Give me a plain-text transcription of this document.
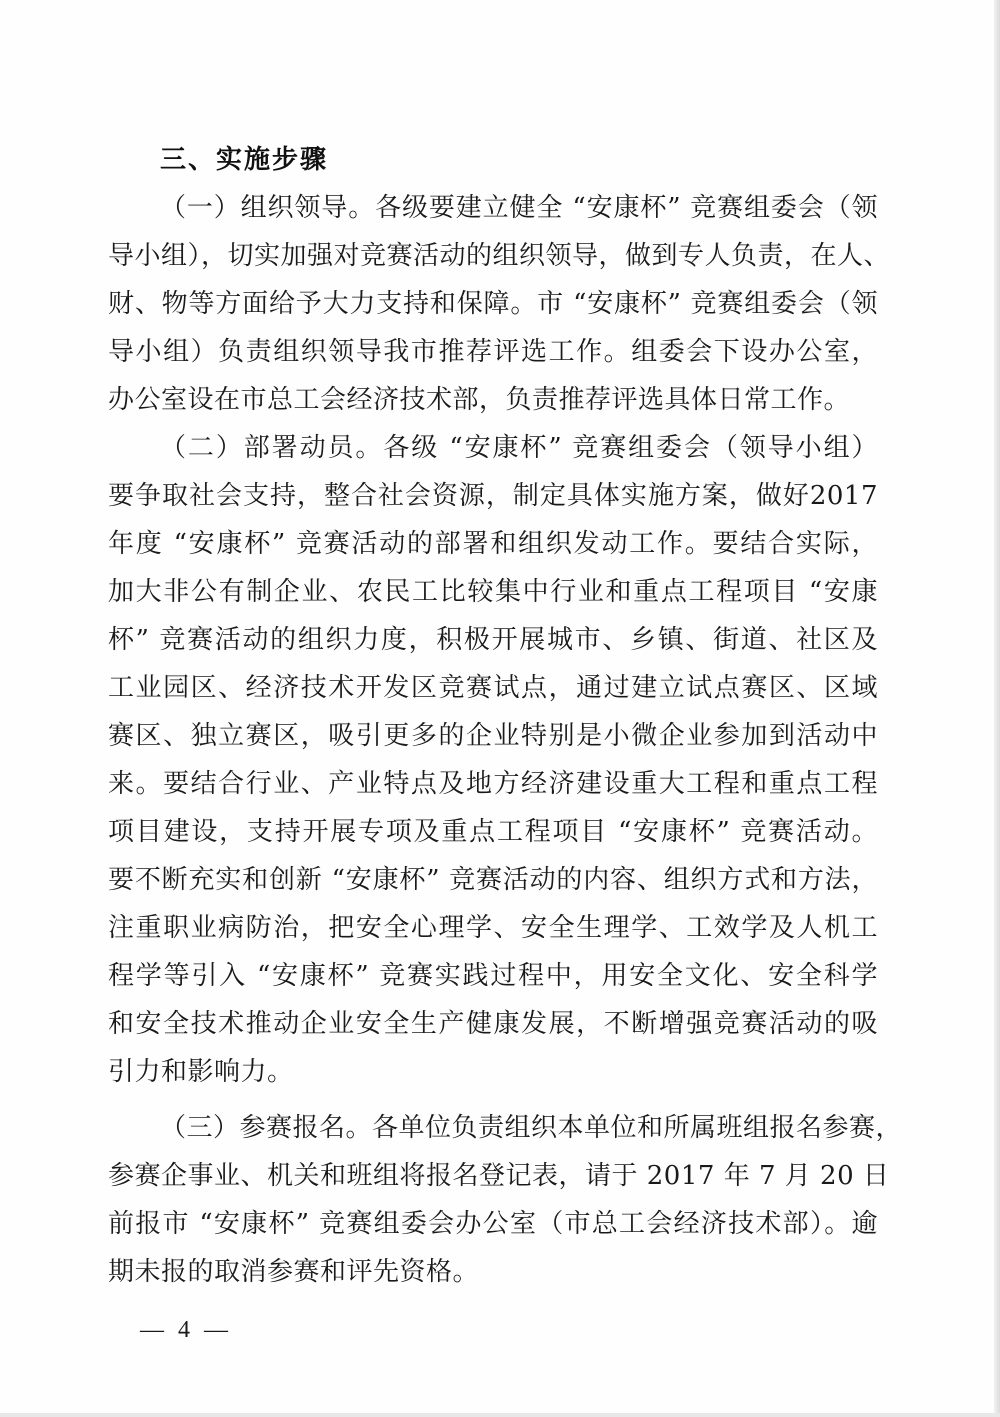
三、实施步骤
（一）组织领导。各级要建立健全 “安康杯” 竞赛组委会（领
导小组），切实加强对竞赛活动的组织领导，做到专人负责，在人、
财、物等方面给予大力支持和保障。市 “安康杯” 竞赛组委会（领
导小组）负责组织领导我市推荐评选工作。组委会下设办公室，
办公室设在市总工会经济技术部，负责推荐评选具体日常工作。
（二）部署动员。各级 “安康杯” 竞赛组委会（领导小组）
要争取社会支持，整合社会资源，制定具体实施方案，做好2017
年度 “安康杯” 竞赛活动的部署和组织发动工作。要结合实际，
加大非公有制企业、农民工比较集中行业和重点工程项目 “安康
杯” 竞赛活动的组织力度，积极开展城市、乡镇、街道、社区及
工业园区、经济技术开发区竞赛试点，通过建立试点赛区、区域
赛区、独立赛区，吸引更多的企业特别是小微企业参加到活动中
来。要结合行业、产业特点及地方经济建设重大工程和重点工程
项目建设，支持开展专项及重点工程项目 “安康杯” 竞赛活动。
要不断充实和创新 “安康杯” 竞赛活动的内容、组织方式和方法，
注重职业病防治，把安全心理学、安全生理学、工效学及人机工
程学等引入 “安康杯” 竞赛实践过程中，用安全文化、安全科学
和安全技术推动企业安全生产健康发展，不断增强竞赛活动的吸
引力和影响力。
（三）参赛报名。各单位负责组织本单位和所属班组报名参赛，
参赛企事业、机关和班组将报名登记表，请于 2017 年 7 月 20 日
前报市 “安康杯” 竞赛组委会办公室（市总工会经济技术部）。逾
期未报的取消参赛和评先资格。
— 4 —
